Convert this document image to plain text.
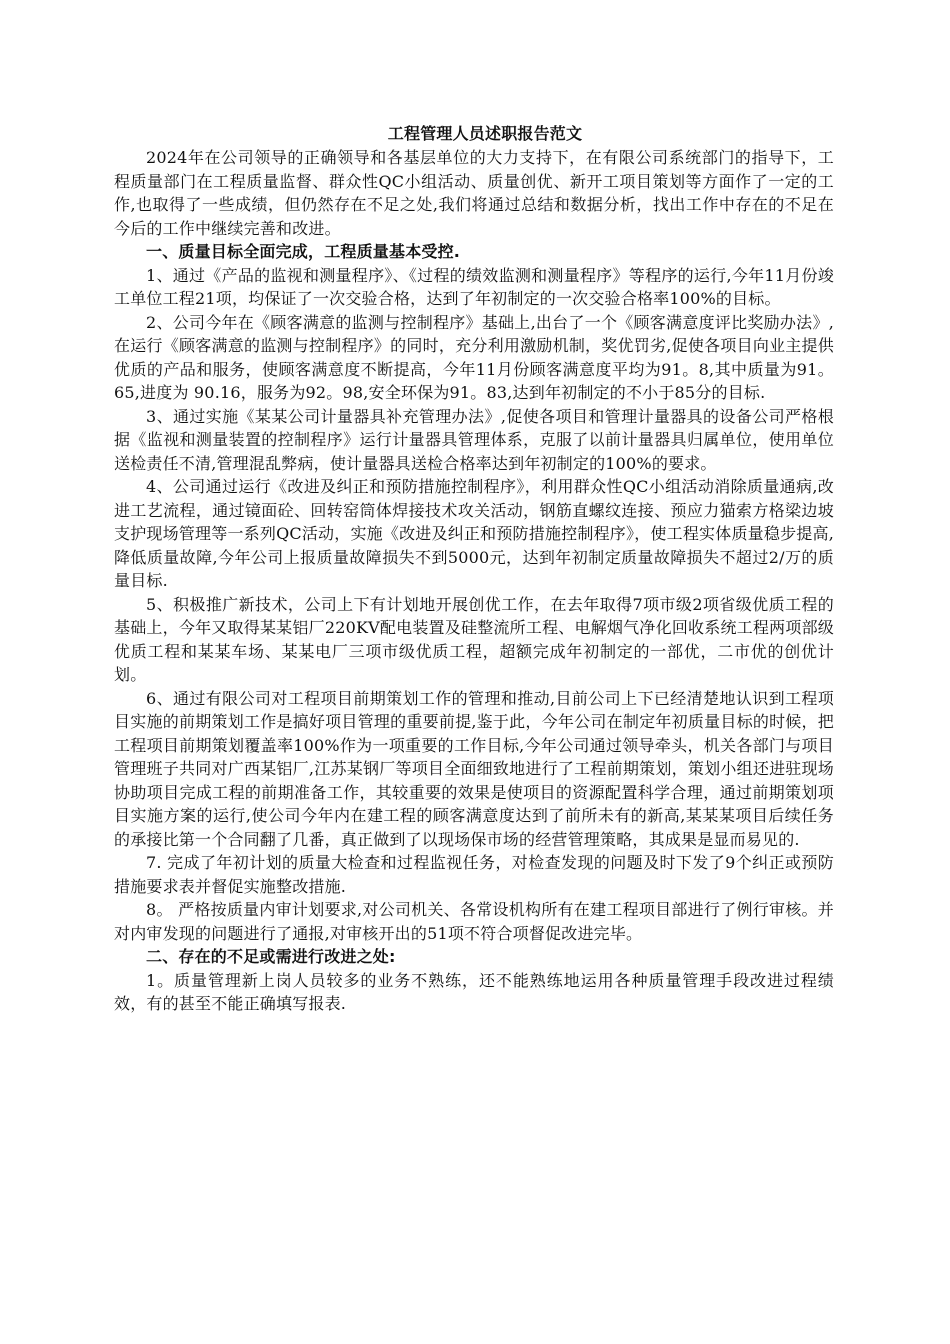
工程管理人员述职报告范文

2024年在公司领导的正确领导和各基层单位的大力支持下，在有限公司系统部门的指导下，工程质量部门在工程质量监督、群众性QC小组活动、质量创优、新开工项目策划等方面作了一定的工作,也取得了一些成绩，但仍然存在不足之处,我们将通过总结和数据分析，找出工作中存在的不足在今后的工作中继续完善和改进。

一、质量目标全面完成，工程质量基本受控.

1、通过《产品的监视和测量程序》、《过程的绩效监测和测量程序》等程序的运行,今年11月份竣工单位工程21项，均保证了一次交验合格，达到了年初制定的一次交验合格率100%的目标。

2、公司今年在《顾客满意的监测与控制程序》基础上,出台了一个《顾客满意度评比奖励办法》,在运行《顾客满意的监测与控制程序》的同时，充分利用激励机制，奖优罚劣,促使各项目向业主提供优质的产品和服务，使顾客满意度不断提高，今年11月份顾客满意度平均为91。8,其中质量为91。65,进度为 90.16，服务为92。98,安全环保为91。83,达到年初制定的不小于85分的目标.

3、通过实施《某某公司计量器具补充管理办法》,促使各项目和管理计量器具的设备公司严格根据《监视和测量装置的控制程序》运行计量器具管理体系，克服了以前计量器具归属单位，使用单位送检责任不清,管理混乱弊病，使计量器具送检合格率达到年初制定的100%的要求。

4、公司通过运行《改进及纠正和预防措施控制程序》，利用群众性QC小组活动消除质量通病,改进工艺流程，通过镜面砼、回转窑筒体焊接技术攻关活动，钢筋直螺纹连接、预应力猫索方格梁边坡支护现场管理等一系列QC活动，实施《改进及纠正和预防措施控制程序》，使工程实体质量稳步提高,降低质量故障,今年公司上报质量故障损失不到5000元，达到年初制定质量故障损失不超过2/万的质量目标.

5、积极推广新技术，公司上下有计划地开展创优工作，在去年取得7项市级2项省级优质工程的基础上，今年又取得某某铝厂220KV配电装置及硅整流所工程、电解烟气净化回收系统工程两项部级优质工程和某某车场、某某电厂三项市级优质工程，超额完成年初制定的一部优，二市优的创优计划。

6、通过有限公司对工程项目前期策划工作的管理和推动,目前公司上下已经清楚地认识到工程项目实施的前期策划工作是搞好项目管理的重要前提,鉴于此，今年公司在制定年初质量目标的时候，把工程项目前期策划覆盖率100%作为一项重要的工作目标,今年公司通过领导牵头，机关各部门与项目管理班子共同对广西某铝厂,江苏某钢厂等项目全面细致地进行了工程前期策划，策划小组还进驻现场协助项目完成工程的前期准备工作，其较重要的效果是使项目的资源配置科学合理，通过前期策划项目实施方案的运行,使公司今年内在建工程的顾客满意度达到了前所未有的新高,某某某项目后续任务的承接比第一个合同翻了几番，真正做到了以现场保市场的经营管理策略，其成果是显而易见的.

7. 完成了年初计划的质量大检查和过程监视任务，对检查发现的问题及时下发了9个纠正或预防措施要求表并督促实施整改措施.

8。 严格按质量内审计划要求,对公司机关、各常设机构所有在建工程项目部进行了例行审核。并对内审发现的问题进行了通报,对审核开出的51项不符合项督促改进完毕。

二、存在的不足或需进行改进之处:

1。质量管理新上岗人员较多的业务不熟练，还不能熟练地运用各种质量管理手段改进过程绩效，有的甚至不能正确填写报表.
